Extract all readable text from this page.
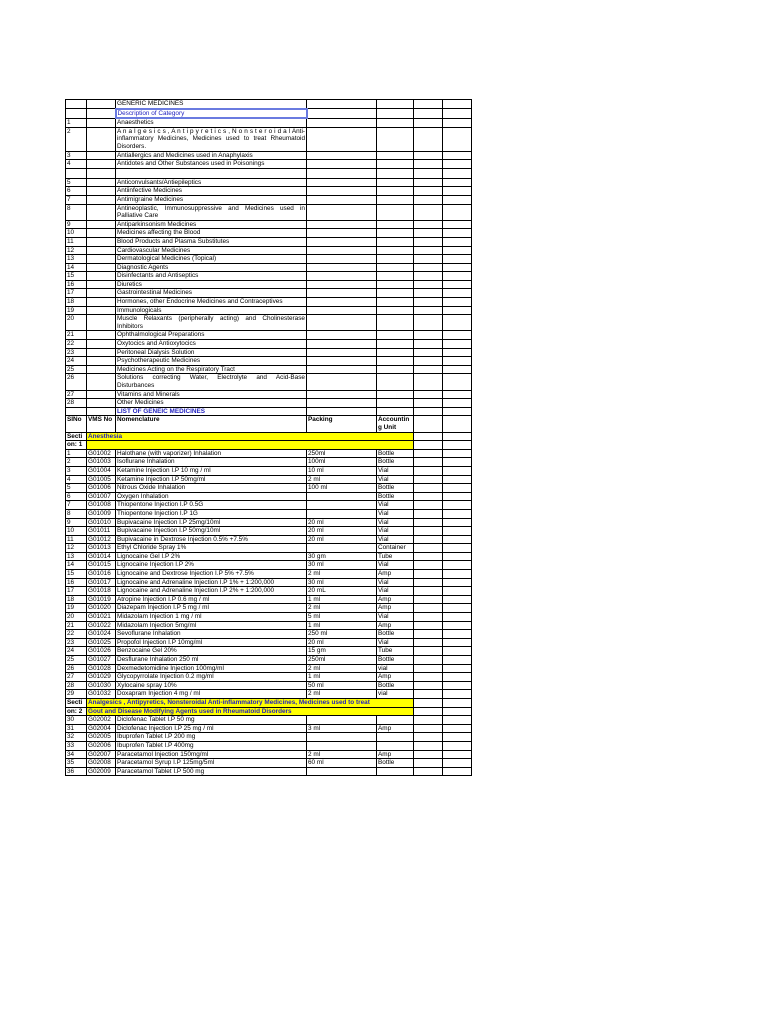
		GENERIC MEDICINES				
		Description of Category				
1		Anaesthetics				
2		A n a l g e s i c s , A n t i p y r e t i c s , N o n s t e r o i d a l Anti-inflammatory Medicines, Medicines used to treat Rheumatoid Disorders.				
3		Antiallergics and Medicines used in Anaphylaxis				
4		Antidotes and Other Substances used in Poisonings				

5		Anticonvulsants/Antiepileptics				
6		Antiinfective Medicines				
7		Antimigraine Medicines				
8		Antineoplastic, Immunosuppressive and Medicines used in Palliative Care				
9		Antiparkinsonism Medicines				
10		Medicines affecting the Blood				
11		Blood Products and Plasma Substitutes				
12		Cardiovascular Medicines				
13		Dermatological Medicines (Topical)				
14		Diagnostic Agents				
15		Disinfectants and Antiseptics				
16		Diuretics				
17		Gastrointestinal Medicines				
18		Hormones, other Endocrine Medicines and Contraceptives				
19		Immunologicals				
20		Muscle Relaxants (peripherally acting) and Cholinesterase Inhibitors				
21		Ophthalmological Preparations				
22		Oxytocics and Antioxytocics				
23		Peritoneal Dialysis Solution				
24		Psychotherapeutic Medicines				
25		Medicines Acting on the Respiratory Tract				
26		Solutions correcting Water, Electrolyte and Acid-Base Disturbances				
27		Vitamins and Minerals				
28		Other Medicines				
		LIST OF GENEIC MEDICINES				
SINo	VMS No	Nomenclature	Packing	Accounting Unit		
Secti	Anesthesia					
on: 1						
1	G01002	Halothane (with vaporizer) Inhalation	250ml	Bottle		
2	G01003	Isoflurane Inhalation	100ml	Bottle		
3	G01004	Ketamine Injection I.P 10 mg / ml	10 ml	Vial		
4	G01005	Ketamine Injection I.P 50mg/ml	2 ml	Vial		
5	G01006	Nitrous Oxide Inhalation	100 ml	Bottle		
6	G01007	Oxygen Inhalation		Bottle		
7	G01008	Thiopentone Injection I.P 0.5G		Vial		
8	G01009	Thiopentone Injection I.P 1G		Vial		
9	G01010	Bupivacaine Injection I.P 25mg/10ml	20 ml	Vial		
10	G01011	Bupivacaine Injection I.P 50mg/10ml	20 ml	Vial		
11	G01012	Bupivacaine in Dextrose Injection 0.5% +7.5%	20 ml	Vial		
12	G01013	Ethyl Chloride Spray 1%		Container		
13	G01014	Lignocaine Gel I.P 2%	30 gm	Tube		
14	G01015	Lignocaine Injection I.P 2%	30 ml	Vial		
15	G01016	Lignocaine and Dextrose Injection I.P 5% +7.5%	2 ml	Amp		
16	G01017	Lignocaine and Adrenaline Injection I.P 1% + 1:200,000	30 ml	Vial		
17	G01018	Lignocaine and Adrenaline Injection I.P 2% + 1:200,000	20 mL	Vial		
18	G01019	Atropine Injection I.P 0.6 mg / ml	1 ml	Amp		
19	G01020	Diazepam Injection I.P 5 mg / ml	2 ml	Amp		
20	G01021	Midazolam Injection 1 mg / ml	5 ml	Vial		
21	G01022	Midazolam Injection 5mg/ml	1 ml	Amp		
22	G01024	Sevoflurane Inhalation	250 ml	Bottle		
23	G01025	Propofol Injection I.P 10mg/ml	20 ml	Vial		
24	G01026	Benzocaine Gel 20%	15 gm	Tube		
25	G01027	Desflurane Inhalation 250 ml	250ml	Bottle		
26	G01028	Dexmedetomidine Injection 100mg/ml	2 ml	vial		
27	G01029	Glycopyrrolate Injection 0.2 mg/ml	1 ml	Amp		
28	G01030	Xylocaine spray 10%	50 ml	Bottle		
29	G01032	Doxapram Injection 4 mg / ml	2 ml	vial		
Secti	Analgesics , Antipyretics, Nonsteroidal Anti-inflammatory Medicines, Medicines used to treat					
on: 2	Gout and Disease Modifying Agents used in Rheumatoid Disorders					
30	G02002	Diclofenac Tablet I.P 50 mg				
31	G02004	Diclofenac Injection I.P 25 mg / ml	3 ml	Amp		
32	G02005	Ibuprofen Tablet I.P 200 mg				
33	G02006	Ibuprofen Tablet I.P 400mg				
34	G02007	Paracetamol Injection 150mg/ml	2 ml	Amp		
35	G02008	Paracetamol Syrup I.P 125mg/5ml	60 ml	Bottle		
36	G02009	Paracetamol Tablet I.P 500 mg				
